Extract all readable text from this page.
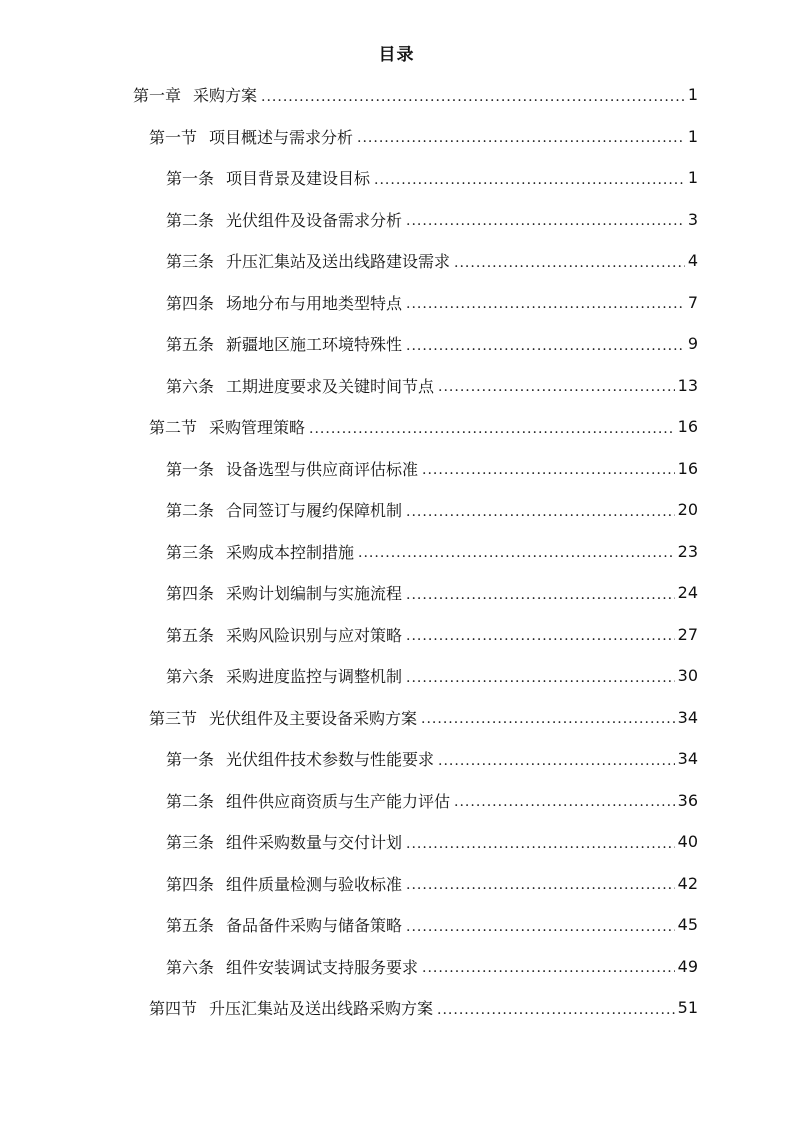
目录
第一章 采购方案 .....	1
第一节 项目概述与需求分析 .....	1
第一条 项目背景及建设目标 .....	1
第二条 光伏组件及设备需求分析 .....	3
第三条 升压汇集站及送出线路建设需求 .....	4
第四条 场地分布与用地类型特点 .....	7
第五条 新疆地区施工环境特殊性 .....	9
第六条 工期进度要求及关键时间节点 .....	13
第二节 采购管理策略 .....	16
第一条 设备选型与供应商评估标准 .....	16
第二条 合同签订与履约保障机制 .....	20
第三条 采购成本控制措施 .....	23
第四条 采购计划编制与实施流程 .....	24
第五条 采购风险识别与应对策略 .....	27
第六条 采购进度监控与调整机制 .....	30
第三节 光伏组件及主要设备采购方案 .....	34
第一条 光伏组件技术参数与性能要求 .....	34
第二条 组件供应商资质与生产能力评估 .....	36
第三条 组件采购数量与交付计划 .....	40
第四条 组件质量检测与验收标准 .....	42
第五条 备品备件采购与储备策略 .....	45
第六条 组件安装调试支持服务要求 .....	49
第四节 升压汇集站及送出线路采购方案 .....	51
